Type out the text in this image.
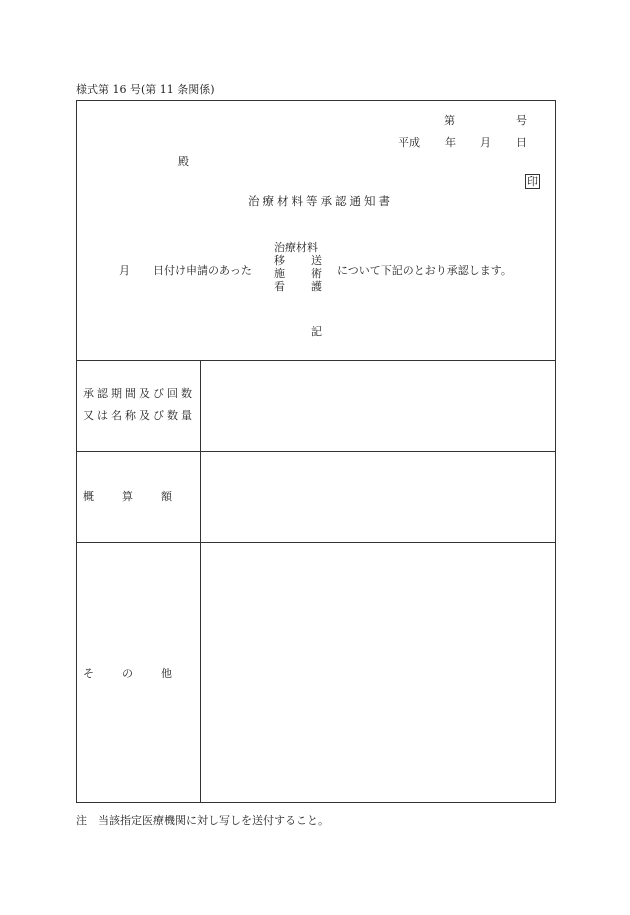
様式第 16 号(第 11 条関係)
第	号
平成 年 月 日
殿
印
治療材料等承認通知書
月 日付け申請のあった
治療材料
移
施
看
送
術
護
について下記のとおり承認します。
記
承認期間及び回数
又は名称及び数量
概　　算　　額
そ　　の　　他
注　当該指定医療機関に対し写しを送付すること。
